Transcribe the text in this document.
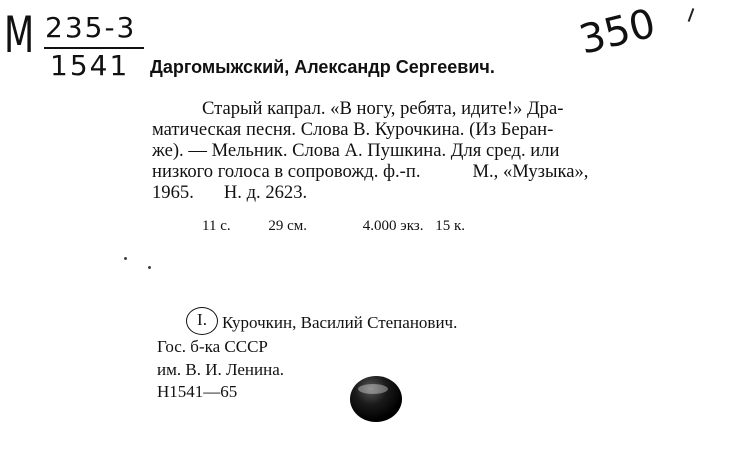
М 235-3
1541
350
Даргомыжский, Александр Сергеевич.
Старый капрал. «В ногу, ребята, идите!» Дра-
матическая песня. Слова В. Курочкина. (Из Беран-
же). — Мельник. Слова А. Пушкина. Для сред. или
низкого голоса в сопровожд. ф.-п.	М., «Музыка»,
1965. Н. д. 2623.
11 с.	29 см.	4.000 экз. 15 к.
I. Курочкин, Василий Степанович.
Гос. б-ка СССР
им. В. И. Ленина.
Н1541—65
